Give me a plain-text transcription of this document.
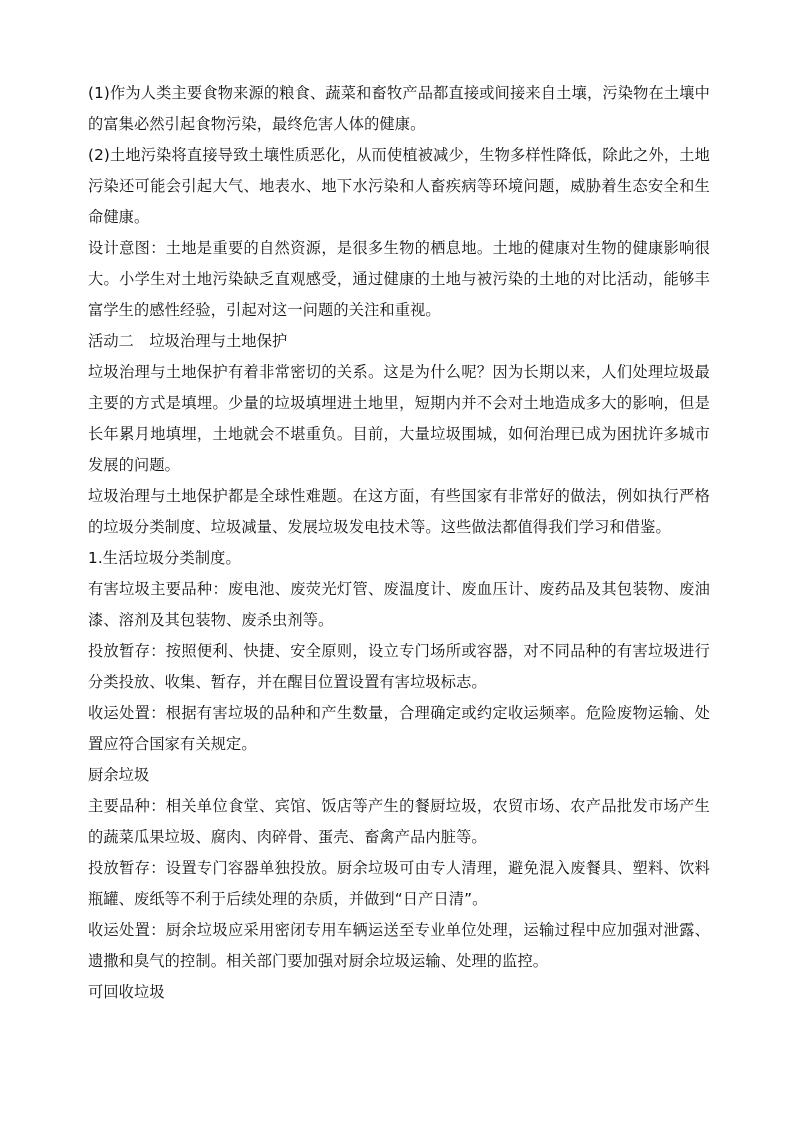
(1)作为人类主要食物来源的粮食、蔬菜和畜牧产品都直接或间接来自土壤，污染物在土壤中的富集必然引起食物污染，最终危害人体的健康。

(2)土地污染将直接导致土壤性质恶化，从而使植被减少，生物多样性降低，除此之外，土地污染还可能会引起大气、地表水、地下水污染和人畜疾病等环境问题，威胁着生态安全和生命健康。

设计意图：土地是重要的自然资源，是很多生物的栖息地。土地的健康对生物的健康影响很大。小学生对土地污染缺乏直观感受，通过健康的土地与被污染的土地的对比活动，能够丰富学生的感性经验，引起对这一问题的关注和重视。

活动二　垃圾治理与土地保护

垃圾治理与土地保护有着非常密切的关系。这是为什么呢？因为长期以来，人们处理垃圾最主要的方式是填埋。少量的垃圾填埋进土地里，短期内并不会对土地造成多大的影响，但是长年累月地填埋，土地就会不堪重负。目前，大量垃圾围城，如何治理已成为困扰许多城市发展的问题。

垃圾治理与土地保护都是全球性难题。在这方面，有些国家有非常好的做法，例如执行严格的垃圾分类制度、垃圾减量、发展垃圾发电技术等。这些做法都值得我们学习和借鉴。

1.生活垃圾分类制度。

有害垃圾主要品种：废电池、废荧光灯管、废温度计、废血压计、废药品及其包装物、废油漆、溶剂及其包装物、废杀虫剂等。

投放暂存：按照便利、快捷、安全原则，设立专门场所或容器，对不同品种的有害垃圾进行分类投放、收集、暂存，并在醒目位置设置有害垃圾标志。

收运处置：根据有害垃圾的品种和产生数量，合理确定或约定收运频率。危险废物运输、处置应符合国家有关规定。

厨余垃圾

主要品种：相关单位食堂、宾馆、饭店等产生的餐厨垃圾，农贸市场、农产品批发市场产生的蔬菜瓜果垃圾、腐肉、肉碎骨、蛋壳、畜禽产品内脏等。

投放暂存：设置专门容器单独投放。厨余垃圾可由专人清理，避免混入废餐具、塑料、饮料瓶罐、废纸等不利于后续处理的杂质，并做到“日产日清”。

收运处置：厨余垃圾应采用密闭专用车辆运送至专业单位处理，运输过程中应加强对泄露、遗撒和臭气的控制。相关部门要加强对厨余垃圾运输、处理的监控。

可回收垃圾
